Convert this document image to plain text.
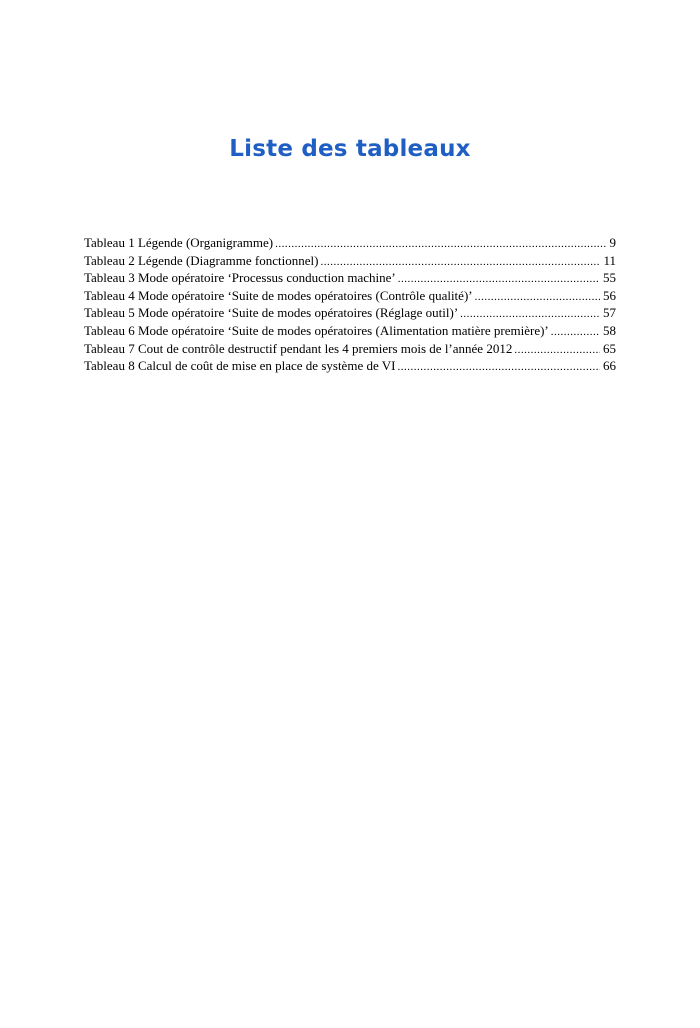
Liste des tableaux
Tableau 1 Légende (Organigramme) .....	9
Tableau 2 Légende (Diagramme fonctionnel) .....	11
Tableau 3 Mode opératoire ‘Processus conduction machine’ .....	55
Tableau 4 Mode opératoire ‘Suite de modes opératoires (Contrôle qualité)’ .....	56
Tableau 5 Mode opératoire ‘Suite de modes opératoires (Réglage outil)’ .....	57
Tableau 6 Mode opératoire ‘Suite de modes opératoires (Alimentation matière première)’ .....	58
Tableau 7 Cout de contrôle destructif pendant les 4 premiers mois de l’année 2012 .....	65
Tableau 8 Calcul de coût de mise en place de système de VI .....	66
